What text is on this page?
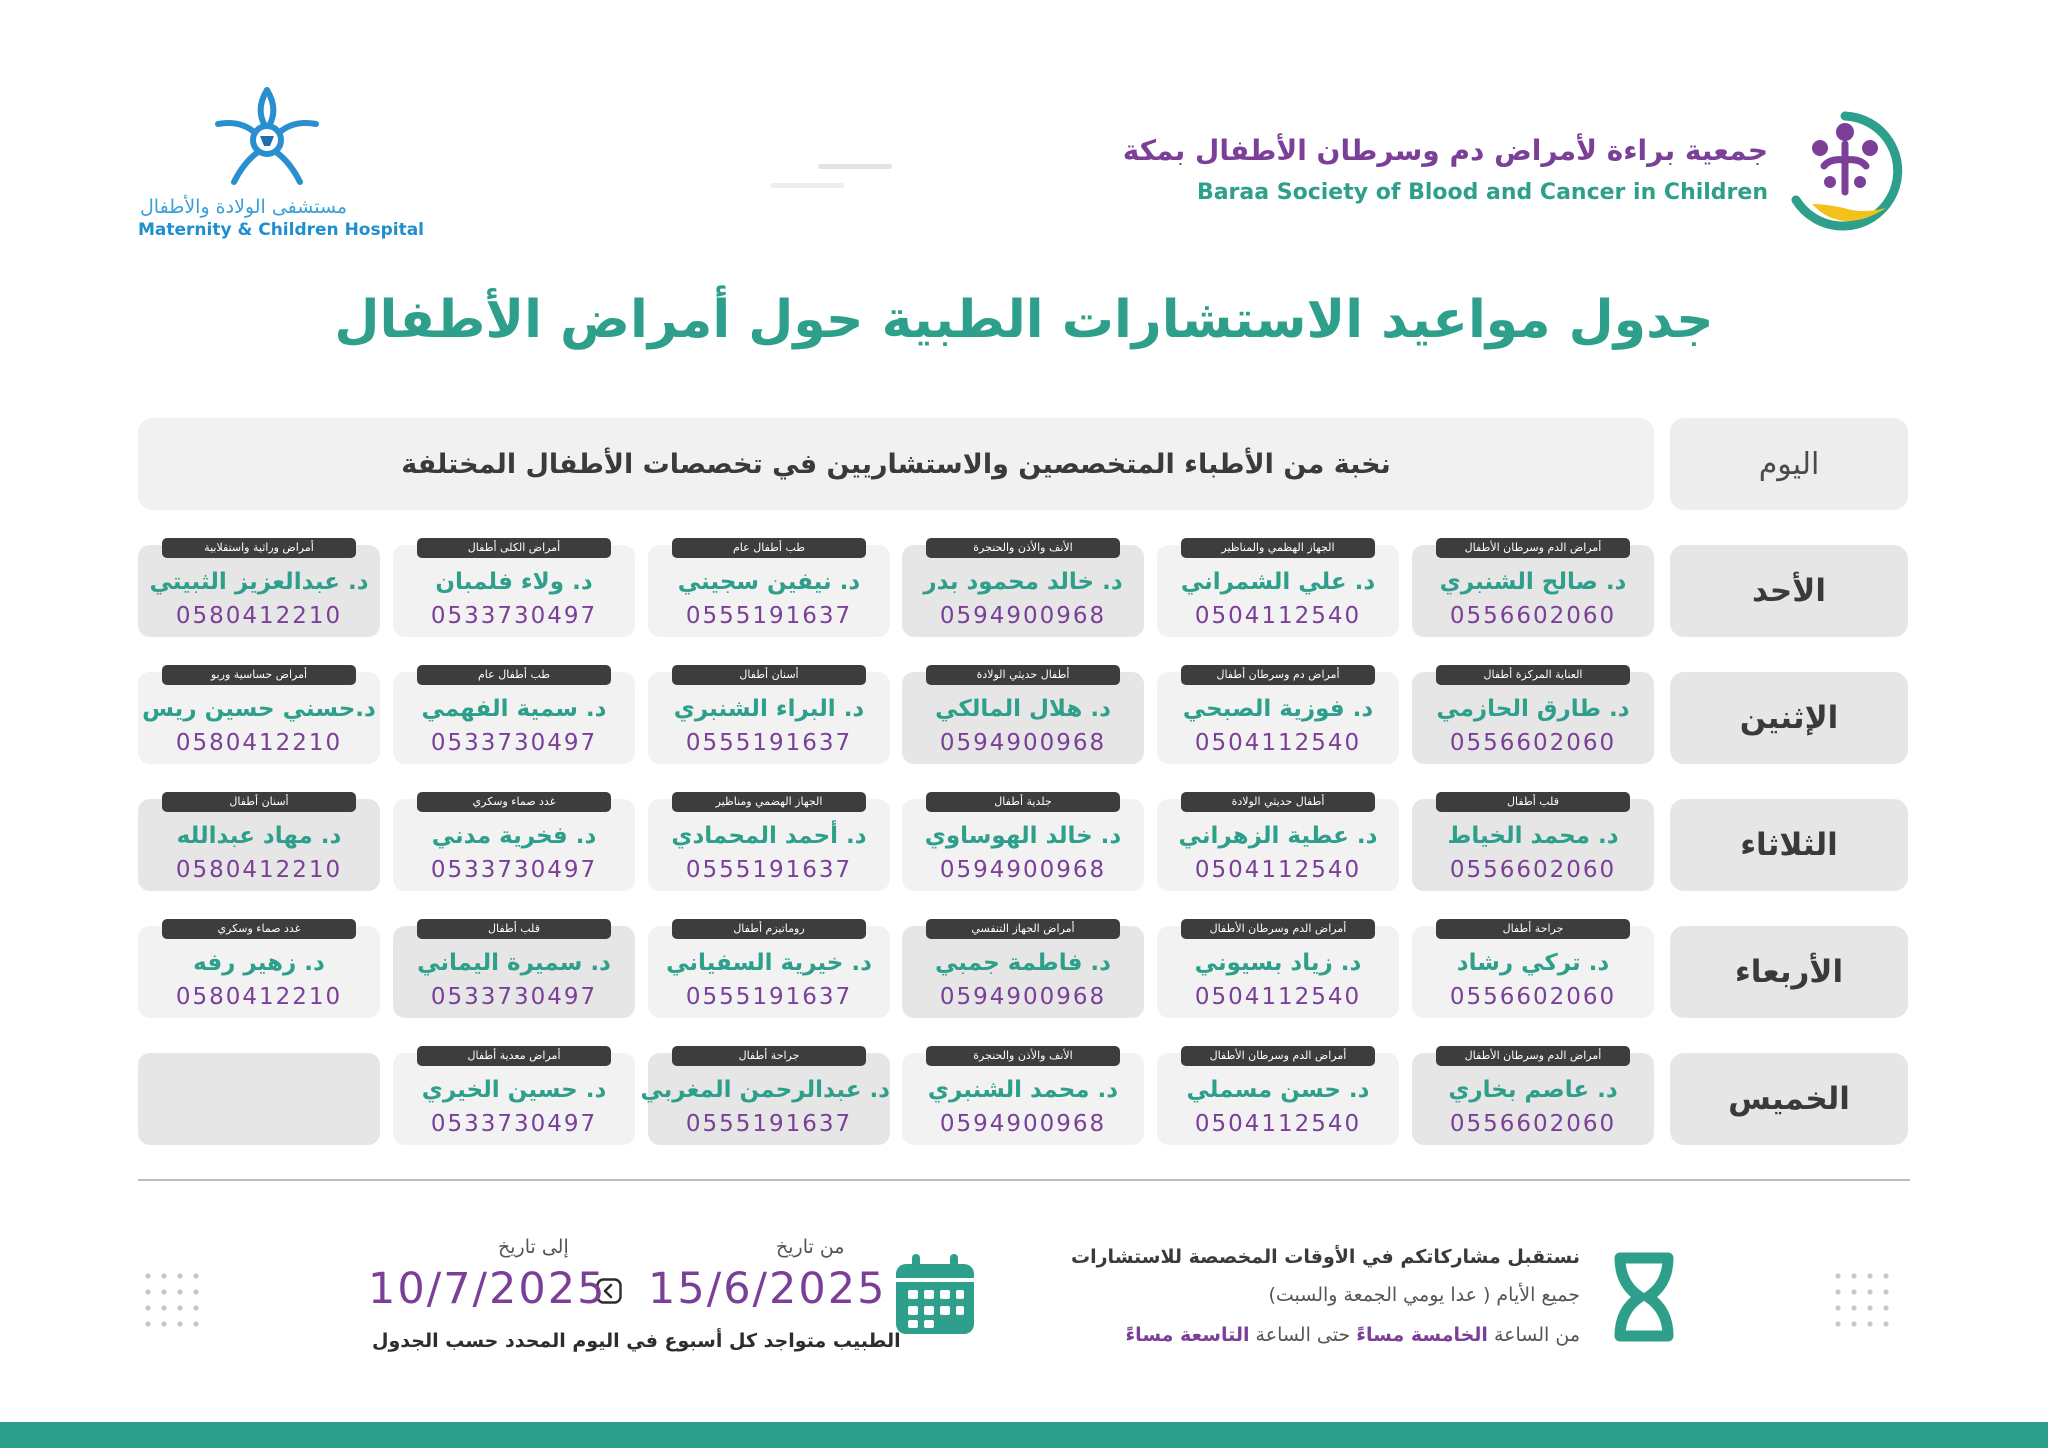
جمعية براءة لأمراض دم وسرطان الأطفال بمكة
Baraa Society of Blood and Cancer in Children
مستشفى الولادة والأطفال
Maternity & Children Hospital
جدول مواعيد الاستشارات الطبية حول أمراض الأطفال
اليوم
نخبة من الأطباء المتخصصين والاستشاريين في تخصصات الأطفال المختلفة
الأحد
أمراض الدم وسرطان الأطفال
د. صالح الشنبري
0556602060
الجهاز الهظمي والمناظير
د. علي الشمراني
0504112540
الأنف والأذن والحنجرة
د. خالد محمود بدر
0594900968
طب أطفال عام
د. نيفين سجيني
0555191637
أمراض الكلى أطفال
د. ولاء فلمبان
0533730497
أمراض وراثية واستقلابية
د. عبدالعزيز الثبيتي
0580412210
الإثنين
العناية المركزة أطفال
د. طارق الحازمي
0556602060
أمراض دم وسرطان أطفال
د. فوزية الصبحي
0504112540
أطفال حديثي الولادة
د. هلال المالكي
0594900968
أسنان أطفال
د. البراء الشنبري
0555191637
طب أطفال عام
د. سمية الفهمي
0533730497
أمراض حساسية وربو
د.حسني حسين ريس
0580412210
الثلاثاء
قلب أطفال
د. محمد الخياط
0556602060
أطفال حديثي الولادة
د. عطية الزهراني
0504112540
جلدية أطفال
د. خالد الهوساوي
0594900968
الجهاز الهضمي ومناظير
د. أحمد المحمادي
0555191637
غدد صماء وسكري
د. فخرية مدني
0533730497
أسنان أطفال
د. مهاد عبدالله
0580412210
الأربعاء
جراحة أطفال
د. تركي رشاد
0556602060
أمراض الدم وسرطان الأطفال
د. زياد بسيوني
0504112540
أمراض الجهاز التنفسي
د. فاطمة جمبي
0594900968
روماتيزم أطفال
د. خيرية السفياني
0555191637
قلب أطفال
د. سميرة اليماني
0533730497
غدد صماء وسكري
د. زهير رفه
0580412210
الخميس
أمراض الدم وسرطان الأطفال
د. عاصم بخاري
0556602060
أمراض الدم وسرطان الأطفال
د. حسن مسملي
0504112540
الأنف والأذن والحنجرة
د. محمد الشنبري
0594900968
جراحة أطفال
د. عبدالرحمن المغربي
0555191637
أمراض معدية أطفال
د. حسين الخيري
0533730497
نستقبل مشاركاتكم في الأوقات المخصصة للاستشارات
جميع الأيام ( عدا يومي الجمعة والسبت)
من الساعة الخامسة مساءً حتى الساعة التاسعة مساءً
من تاريخ
15/6/2025
إلى تاريخ
10/7/2025
الطبيب متواجد كل أسبوع في اليوم المحدد حسب الجدول
